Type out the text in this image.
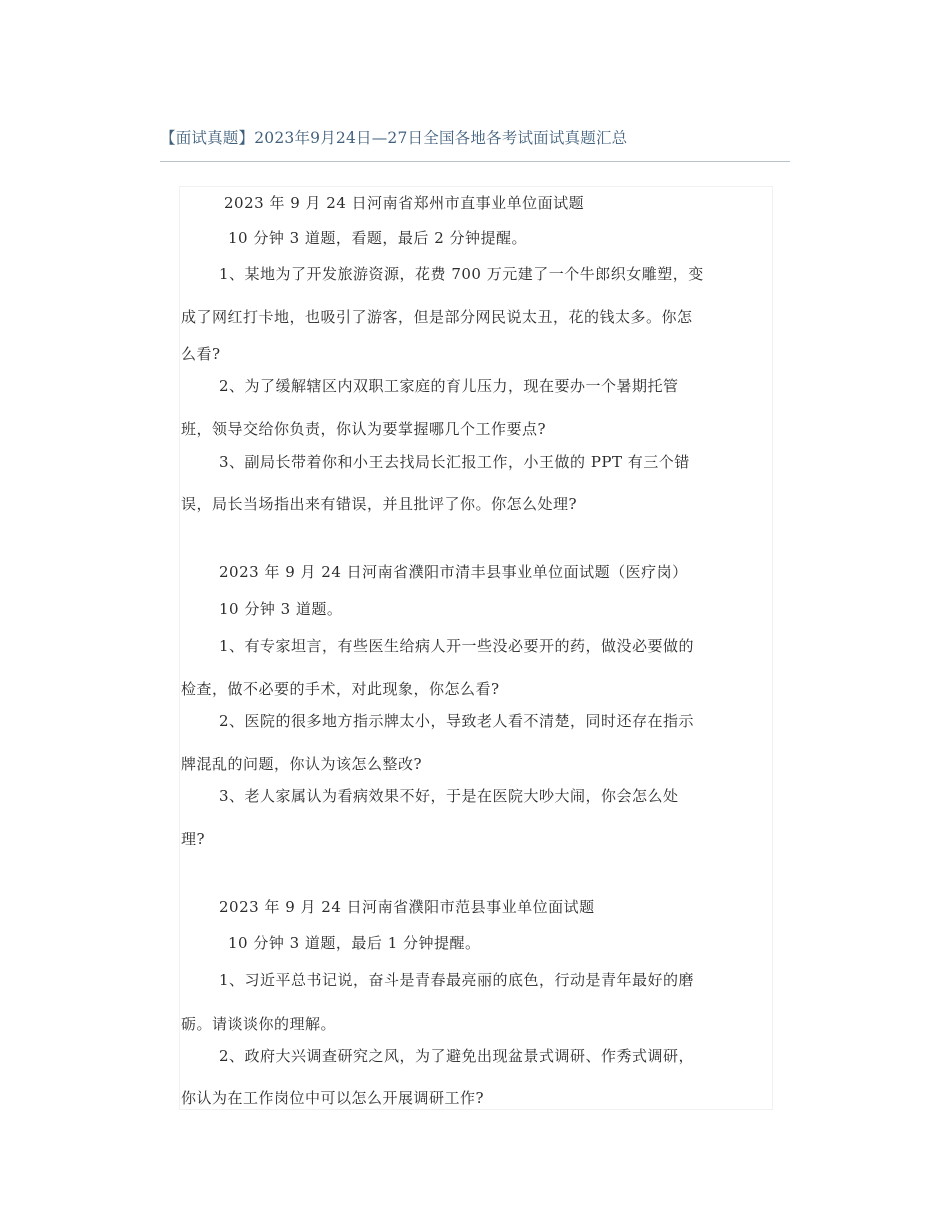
【面试真题】2023年9月24日—27日全国各地各考试面试真题汇总
2023 年 9 月 24 日河南省郑州市直事业单位面试题
10 分钟 3 道题，看题，最后 2 分钟提醒。
1、某地为了开发旅游资源，花费 700 万元建了一个牛郎织女雕塑，变
成了网红打卡地，也吸引了游客，但是部分网民说太丑，花的钱太多。你怎
么看?
2、为了缓解辖区内双职工家庭的育儿压力，现在要办一个暑期托管
班，领导交给你负责，你认为要掌握哪几个工作要点?
3、副局长带着你和小王去找局长汇报工作，小王做的 PPT 有三个错
误，局长当场指出来有错误，并且批评了你。你怎么处理?
2023 年 9 月 24 日河南省濮阳市清丰县事业单位面试题（医疗岗）
10 分钟 3 道题。
1、有专家坦言，有些医生给病人开一些没必要开的药，做没必要做的
检查，做不必要的手术，对此现象，你怎么看?
2、医院的很多地方指示牌太小，导致老人看不清楚，同时还存在指示
牌混乱的问题，你认为该怎么整改?
3、老人家属认为看病效果不好，于是在医院大吵大闹，你会怎么处
理?
2023 年 9 月 24 日河南省濮阳市范县事业单位面试题
10 分钟 3 道题，最后 1 分钟提醒。
1、习近平总书记说，奋斗是青春最亮丽的底色，行动是青年最好的磨
砺。请谈谈你的理解。
2、政府大兴调查研究之风，为了避免出现盆景式调研、作秀式调研，
你认为在工作岗位中可以怎么开展调研工作?
